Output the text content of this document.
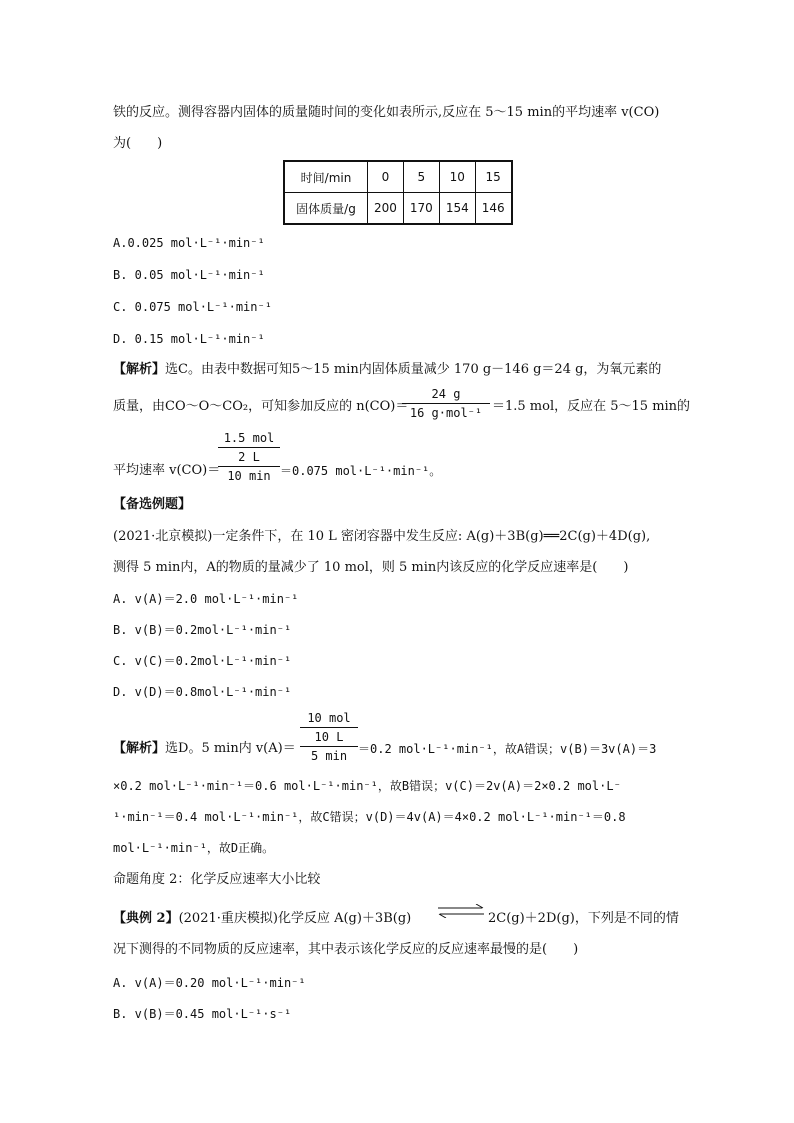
铁的反应。测得容器内固体的质量随时间的变化如表所示,反应在 5～15 min的平均速率 v(CO)
为(　　)
时间/min	0	5	10	15
固体质量/g	200	170	154	146
A.0.025 mol·L⁻¹·min⁻¹
B. 0.05 mol·L⁻¹·min⁻¹
C. 0.075 mol·L⁻¹·min⁻¹
D. 0.15 mol·L⁻¹·min⁻¹
【解析】选C。由表中数据可知5～15 min内固体质量减少 170 g－146 g＝24 g，为氧元素的
质量，由CO～O～CO₂，可知参加反应的 n(CO)＝
24 g
16 g·mol⁻¹ ＝1.5 mol，反应在 5～15 min的
平均速率 v(CO)＝
1.5 mol
2 L
10 min ＝0.075 mol·L⁻¹·min⁻¹。
【备选例题】
(2021·北京模拟)一定条件下，在 10 L 密闭容器中发生反应: A(g)＋3B(g)══2C(g)＋4D(g),
测得 5 min内，A的物质的量减少了 10 mol，则 5 min内该反应的化学反应速率是(　　)
A. v(A)＝2.0 mol·L⁻¹·min⁻¹
B. v(B)＝0.2mol·L⁻¹·min⁻¹
C. v(C)＝0.2mol·L⁻¹·min⁻¹
D. v(D)＝0.8mol·L⁻¹·min⁻¹
【解析】选D。5 min内 v(A)＝
10 mol
10 L
5 min ＝0.2 mol·L⁻¹·min⁻¹，故A错误；v(B)＝3v(A)＝3
×0.2 mol·L⁻¹·min⁻¹＝0.6 mol·L⁻¹·min⁻¹，故B错误；v(C)＝2v(A)＝2×0.2 mol·L⁻
¹·min⁻¹＝0.4 mol·L⁻¹·min⁻¹，故C错误；v(D)＝4v(A)＝4×0.2 mol·L⁻¹·min⁻¹＝0.8
mol·L⁻¹·min⁻¹，故D正确。
命题角度 2：化学反应速率大小比较
【典例 2】(2021·重庆模拟)化学反应 A(g)＋3B(g) ⇌ 2C(g)＋2D(g)，下列是不同的情
况下测得的不同物质的反应速率，其中表示该化学反应的反应速率最慢的是(　　)
A. v(A)＝0.20 mol·L⁻¹·min⁻¹
B. v(B)＝0.45 mol·L⁻¹·s⁻¹
